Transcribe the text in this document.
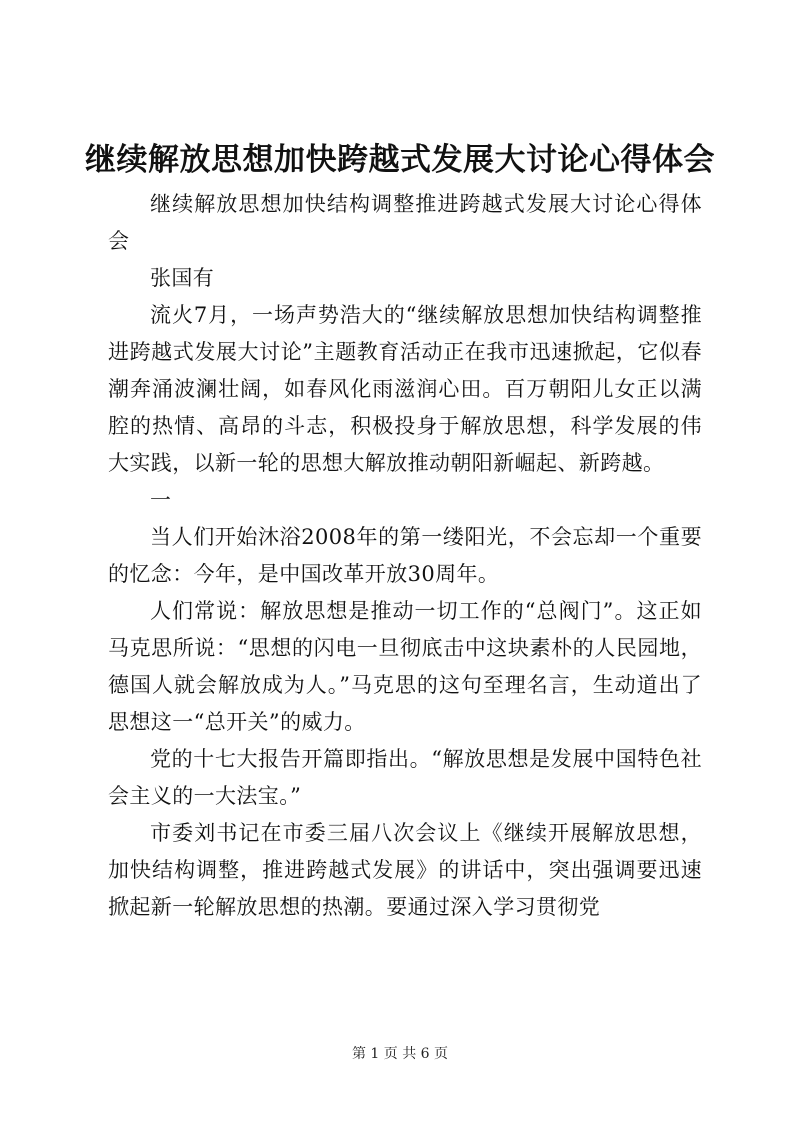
继续解放思想加快跨越式发展大讨论心得体会

继续解放思想加快结构调整推进跨越式发展大讨论心得体会

张国有

流火7月，一场声势浩大的“继续解放思想加快结构调整推进跨越式发展大讨论”主题教育活动正在我市迅速掀起，它似春潮奔涌波澜壮阔，如春风化雨滋润心田。百万朝阳儿女正以满腔的热情、高昂的斗志，积极投身于解放思想，科学发展的伟大实践，以新一轮的思想大解放推动朝阳新崛起、新跨越。

一

当人们开始沐浴2008年的第一缕阳光，不会忘却一个重要的忆念：今年，是中国改革开放30周年。

人们常说：解放思想是推动一切工作的“总阀门”。这正如马克思所说：“思想的闪电一旦彻底击中这块素朴的人民园地，德国人就会解放成为人。”马克思的这句至理名言，生动道出了思想这一“总开关”的威力。

党的十七大报告开篇即指出。“解放思想是发展中国特色社会主义的一大法宝。”

市委刘书记在市委三届八次会议上《继续开展解放思想，加快结构调整，推进跨越式发展》的讲话中，突出强调要迅速掀起新一轮解放思想的热潮。要通过深入学习贯彻党

第 1 页 共 6 页
